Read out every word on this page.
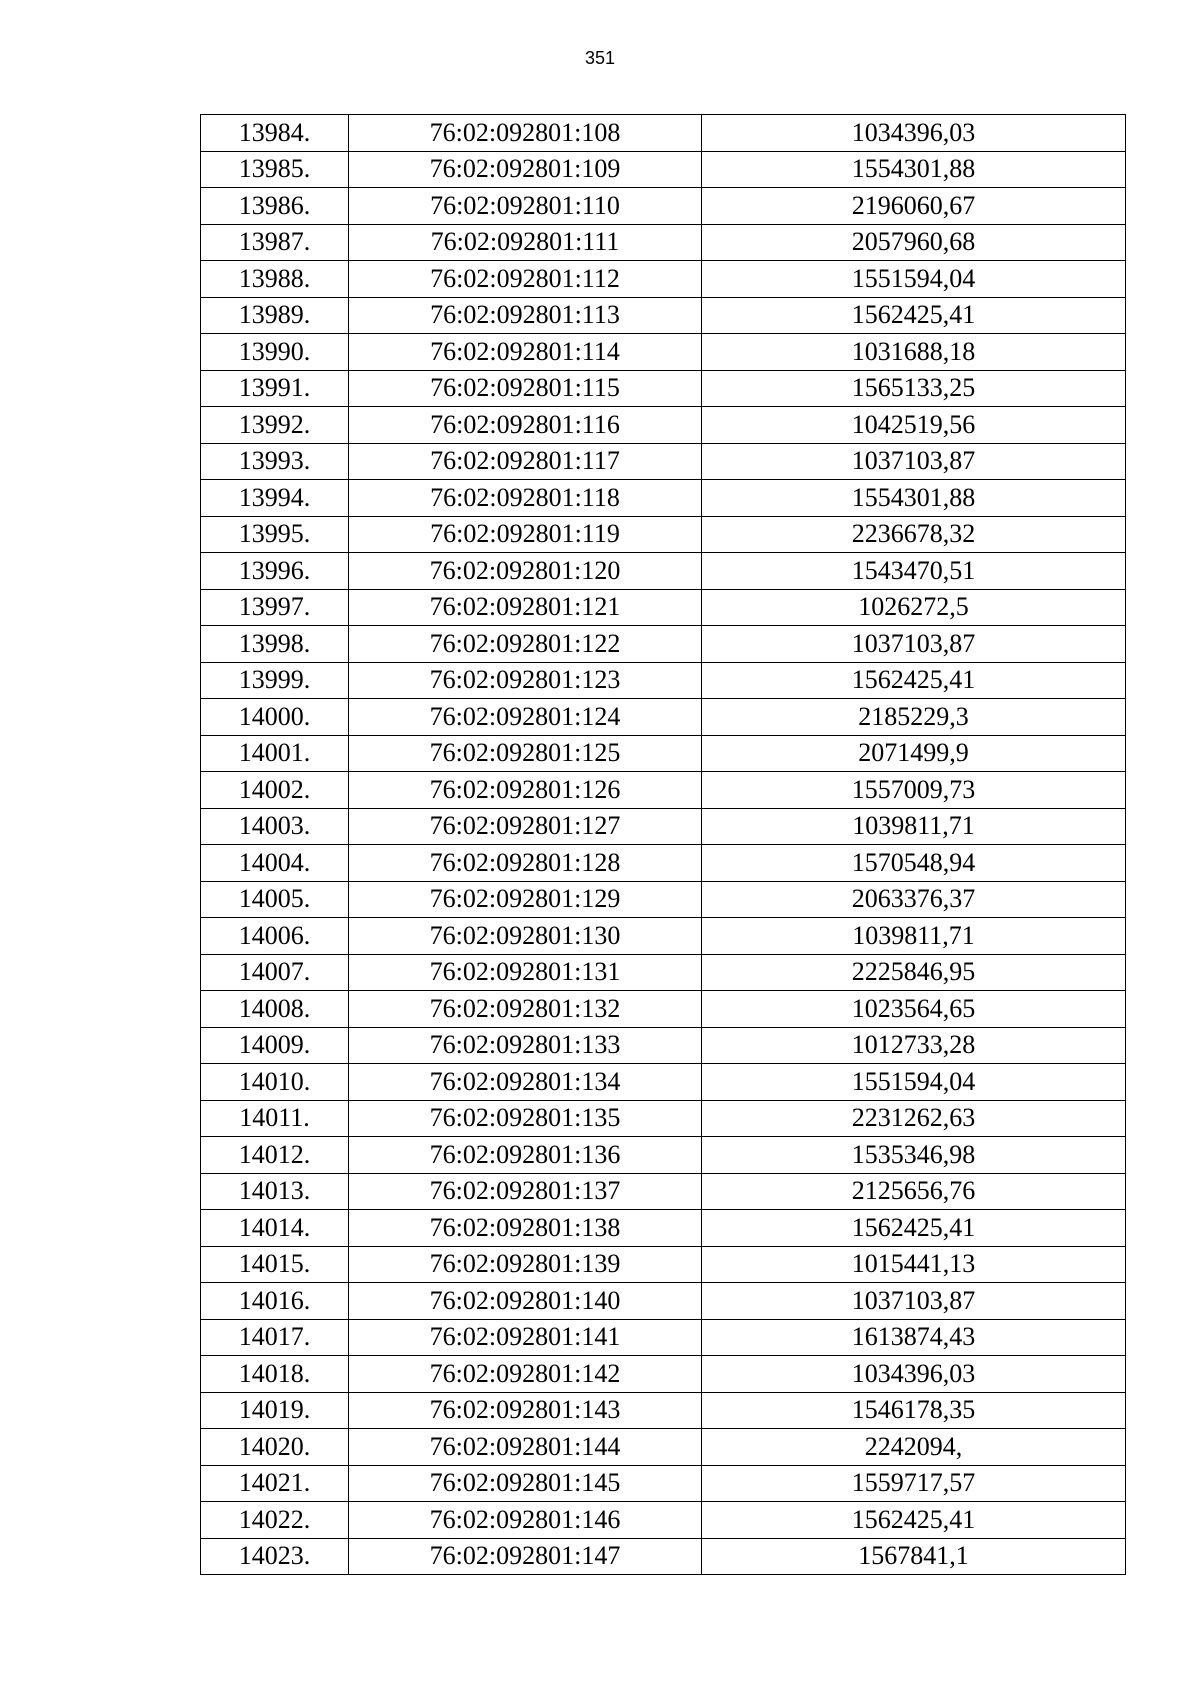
351
13984.	76:02:092801:108	1034396,03
13985.	76:02:092801:109	1554301,88
13986.	76:02:092801:110	2196060,67
13987.	76:02:092801:111	2057960,68
13988.	76:02:092801:112	1551594,04
13989.	76:02:092801:113	1562425,41
13990.	76:02:092801:114	1031688,18
13991.	76:02:092801:115	1565133,25
13992.	76:02:092801:116	1042519,56
13993.	76:02:092801:117	1037103,87
13994.	76:02:092801:118	1554301,88
13995.	76:02:092801:119	2236678,32
13996.	76:02:092801:120	1543470,51
13997.	76:02:092801:121	1026272,5
13998.	76:02:092801:122	1037103,87
13999.	76:02:092801:123	1562425,41
14000.	76:02:092801:124	2185229,3
14001.	76:02:092801:125	2071499,9
14002.	76:02:092801:126	1557009,73
14003.	76:02:092801:127	1039811,71
14004.	76:02:092801:128	1570548,94
14005.	76:02:092801:129	2063376,37
14006.	76:02:092801:130	1039811,71
14007.	76:02:092801:131	2225846,95
14008.	76:02:092801:132	1023564,65
14009.	76:02:092801:133	1012733,28
14010.	76:02:092801:134	1551594,04
14011.	76:02:092801:135	2231262,63
14012.	76:02:092801:136	1535346,98
14013.	76:02:092801:137	2125656,76
14014.	76:02:092801:138	1562425,41
14015.	76:02:092801:139	1015441,13
14016.	76:02:092801:140	1037103,87
14017.	76:02:092801:141	1613874,43
14018.	76:02:092801:142	1034396,03
14019.	76:02:092801:143	1546178,35
14020.	76:02:092801:144	2242094,
14021.	76:02:092801:145	1559717,57
14022.	76:02:092801:146	1562425,41
14023.	76:02:092801:147	1567841,1
